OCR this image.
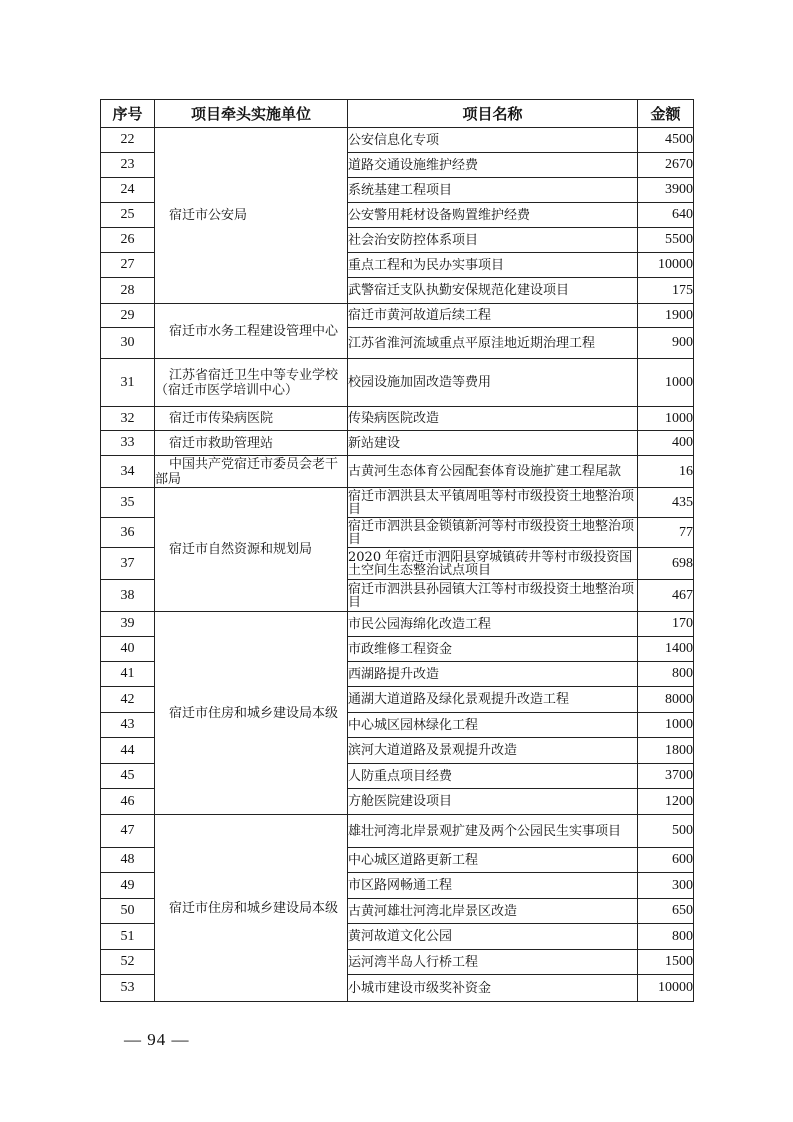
序号	项目牵头实施单位	项目名称	金额
22	宿迁市公安局	公安信息化专项	4500
23		道路交通设施维护经费	2670
24		系统基建工程项目	3900
25		公安警用耗材设备购置维护经费	640
26		社会治安防控体系项目	5500
27		重点工程和为民办实事项目	10000
28		武警宿迁支队执勤安保规范化建设项目	175
29	宿迁市水务工程建设管理中心	宿迁市黄河故道后续工程	1900
30		江苏省淮河流域重点平原洼地近期治理工程	900
31	江苏省宿迁卫生中等专业学校（宿迁市医学培训中心）	校园设施加固改造等费用	1000
32	宿迁市传染病医院	传染病医院改造	1000
33	宿迁市救助管理站	新站建设	400
34	中国共产党宿迁市委员会老干部局	古黄河生态体育公园配套体育设施扩建工程尾款	16
35	宿迁市自然资源和规划局	宿迁市泗洪县太平镇周咀等村市级投资土地整治项目	435
36		宿迁市泗洪县金锁镇新河等村市级投资土地整治项目	77
37		2020 年宿迁市泗阳县穿城镇砖井等村市级投资国土空间生态整治试点项目	698
38		宿迁市泗洪县孙园镇大江等村市级投资土地整治项目	467
39	宿迁市住房和城乡建设局本级	市民公园海绵化改造工程	170
40		市政维修工程资金	1400
41		西湖路提升改造	800
42		通湖大道道路及绿化景观提升改造工程	8000
43		中心城区园林绿化工程	1000
44		滨河大道道路及景观提升改造	1800
45		人防重点项目经费	3700
46		方舱医院建设项目	1200
47	宿迁市住房和城乡建设局本级	雄壮河湾北岸景观扩建及两个公园民生实事项目	500
48		中心城区道路更新工程	600
49		市区路网畅通工程	300
50		古黄河雄壮河湾北岸景区改造	650
51		黄河故道文化公园	800
52		运河湾半岛人行桥工程	1500
53		小城市建设市级奖补资金	10000
— 94 —
